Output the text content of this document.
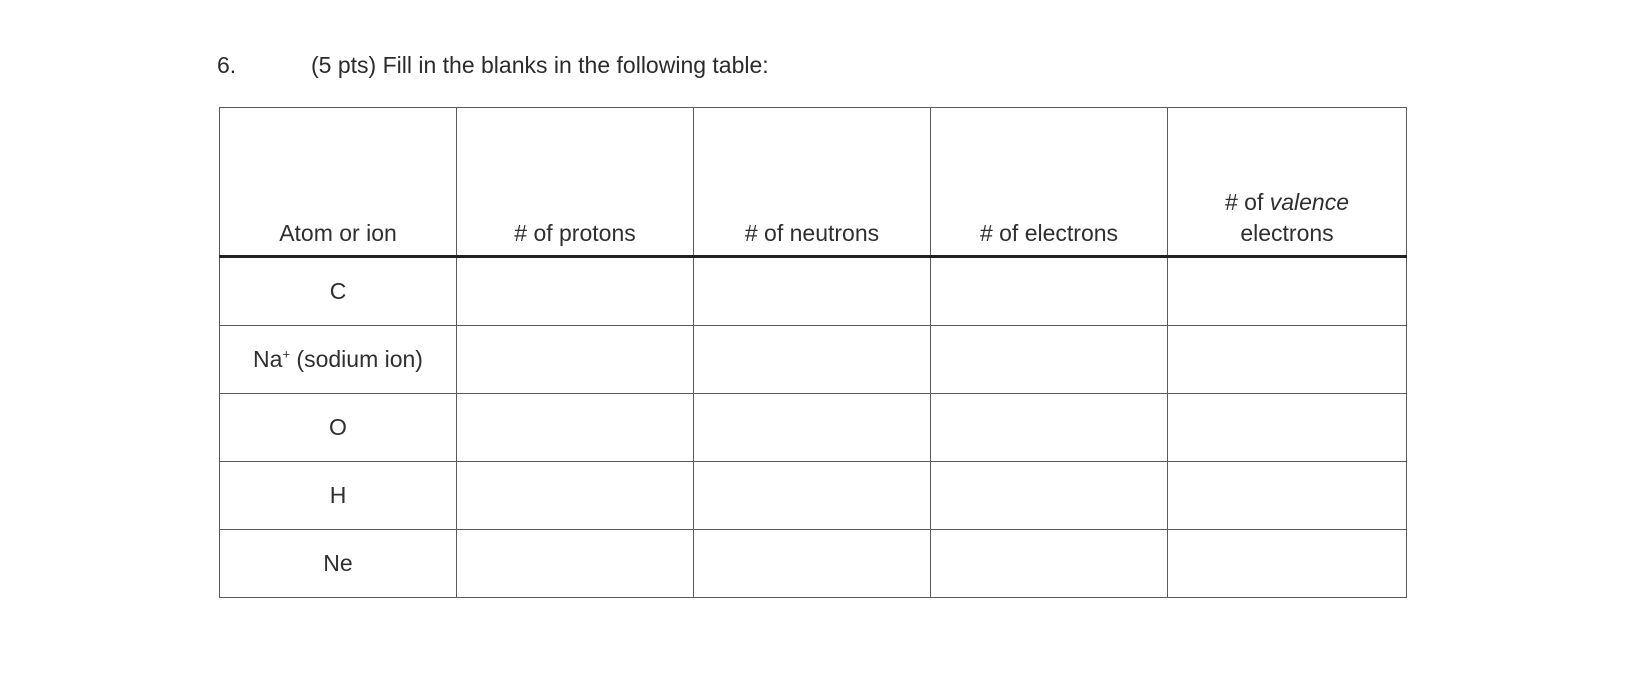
6.	(5 pts) Fill in the blanks in the following table:
Atom or ion	# of protons	# of neutrons	# of electrons	# of valence
electrons

C				
Na+ (sodium ion)				
O				
H				
Ne				
